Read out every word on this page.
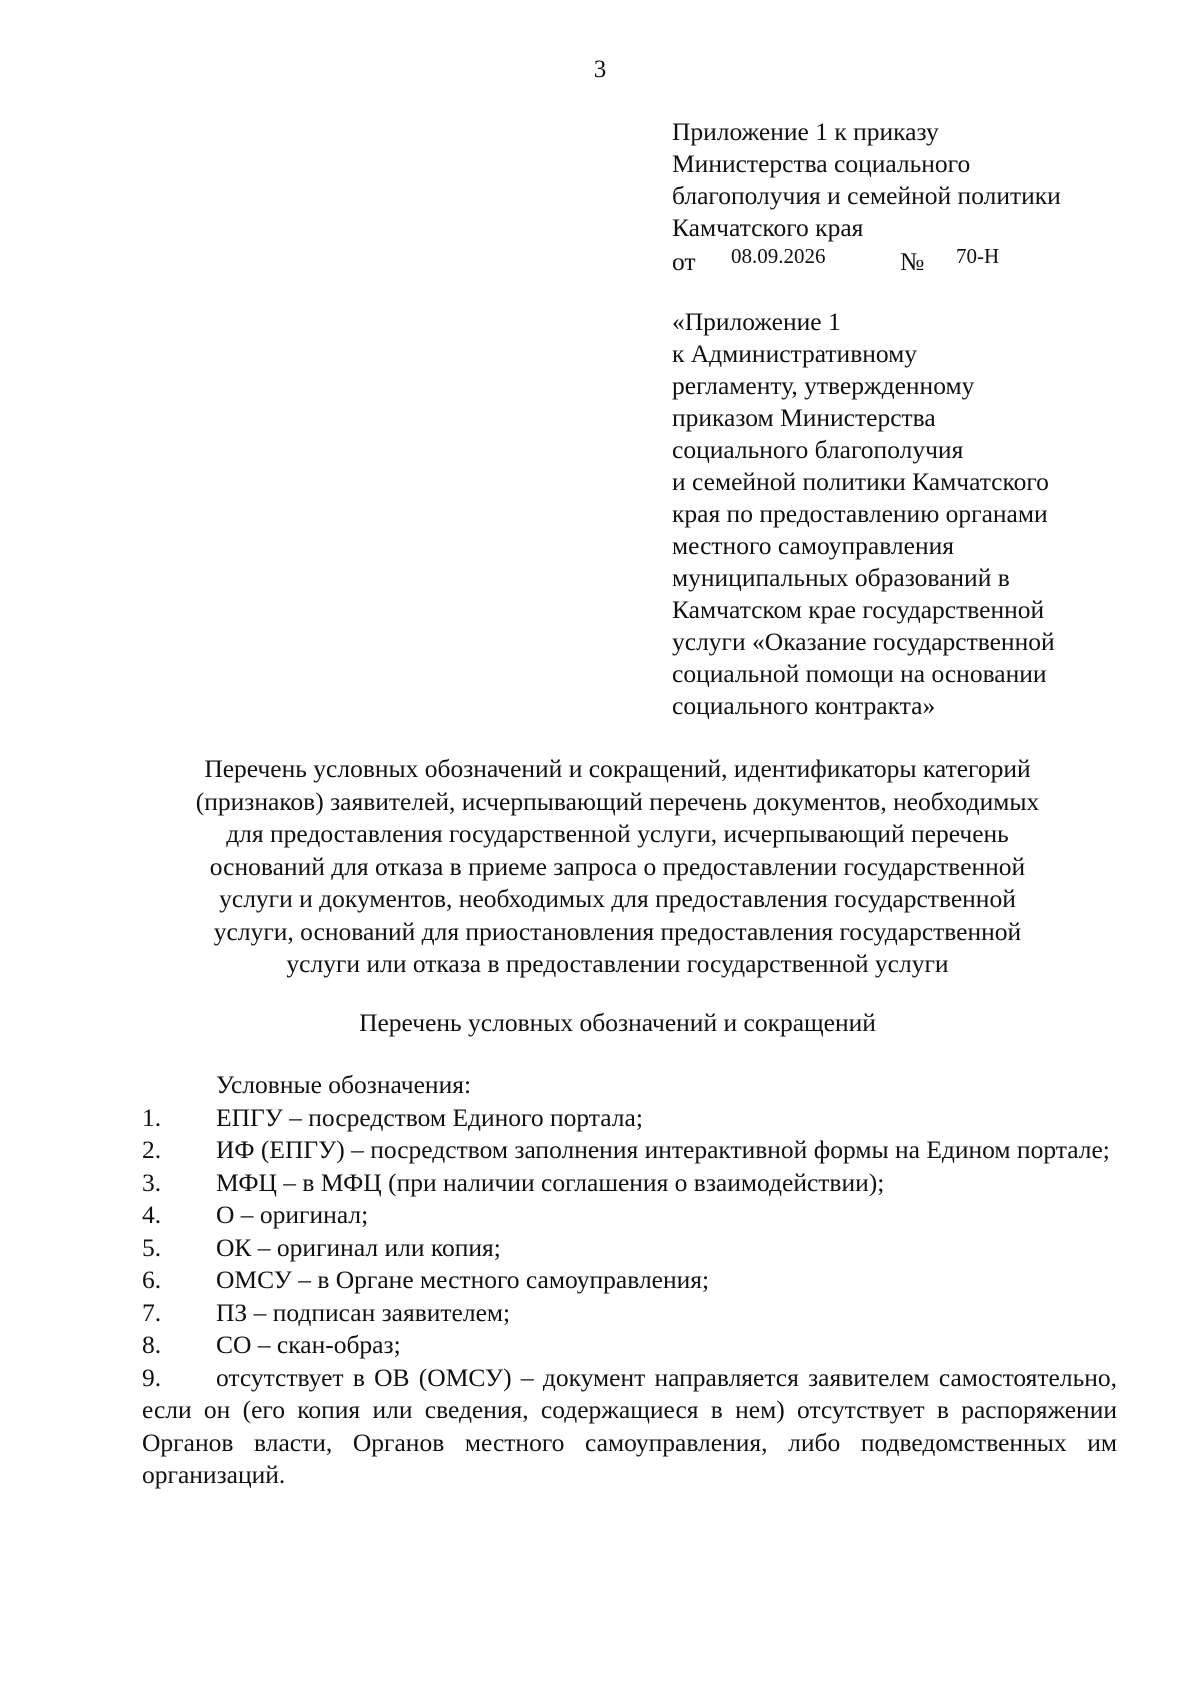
3
Приложение 1 к приказу
Министерства социального
благополучия и семейной политики
Камчатского края
от 08.09.2026	№ 70-Н
«Приложение 1
к Административному
регламенту, утвержденному
приказом Министерства
социального благополучия
и семейной политики Камчатского
края по предоставлению органами
местного самоуправления
муниципальных образований в
Камчатском крае государственной
услуги «Оказание государственной
социальной помощи на основании
социального контракта»
Перечень условных обозначений и сокращений, идентификаторы категорий
(признаков) заявителей, исчерпывающий перечень документов, необходимых
для предоставления государственной услуги, исчерпывающий перечень
оснований для отказа в приеме запроса о предоставлении государственной
услуги и документов, необходимых для предоставления государственной
услуги, оснований для приостановления предоставления государственной
услуги или отказа в предоставлении государственной услуги
Перечень условных обозначений и сокращений
Условные обозначения:
1.	ЕПГУ – посредством Единого портала;
2.	ИФ (ЕПГУ) – посредством заполнения интерактивной формы на Едином портале;
3.	МФЦ – в МФЦ (при наличии соглашения о взаимодействии);
4.	О – оригинал;
5.	ОК – оригинал или копия;
6.	ОМСУ – в Органе местного самоуправления;
7.	ПЗ – подписан заявителем;
8.	СО – скан-образ;
9.	отсутствует в ОВ (ОМСУ) – документ направляется заявителем самостоятельно, если он (его копия или сведения, содержащиеся в нем) отсутствует в распоряжении Органов власти, Органов местного самоуправления, либо подведомственных им организаций.
